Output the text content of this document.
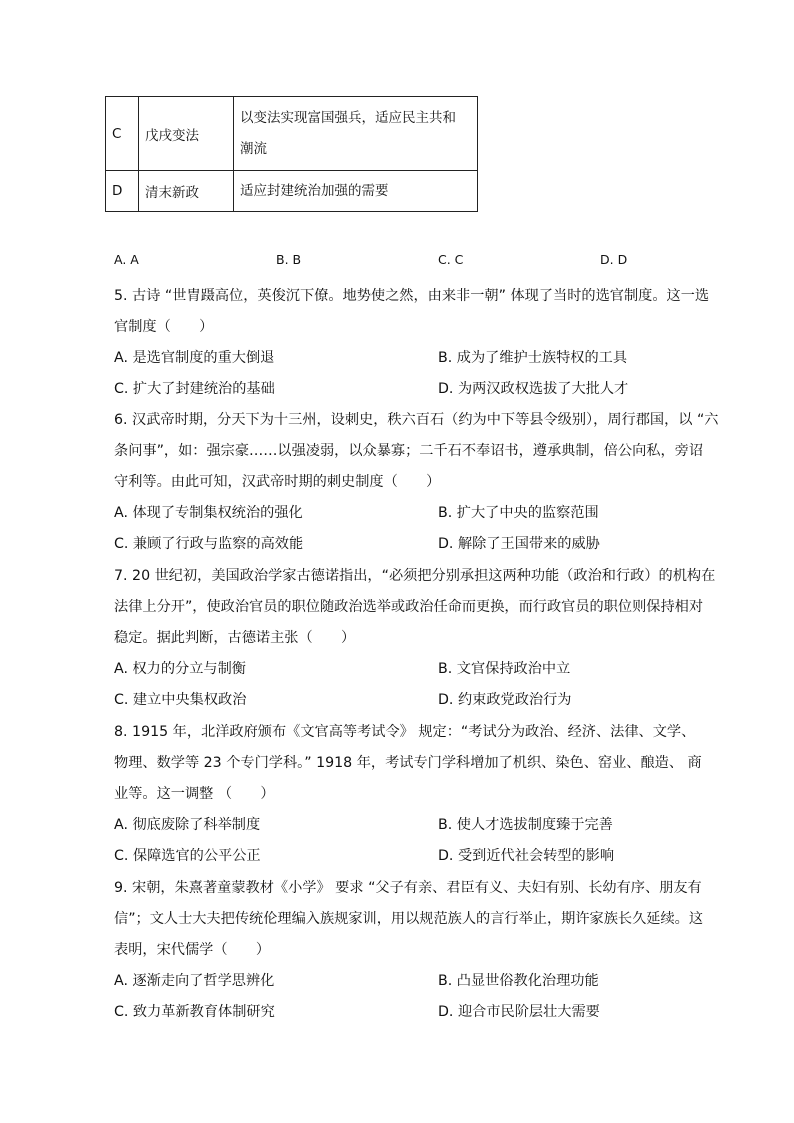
C	戊戌变法	以变法实现富国强兵，适应民主共和
潮流

D	清末新政	适应封建统治加强的需要
A. A	B. B	C. C	D. D
5. 古诗 “世胄蹑高位，英俊沉下僚。地势使之然，由来非一朝” 体现了当时的选官制度。这一选
官制度（　　）
A. 是选官制度的重大倒退	B. 成为了维护士族特权的工具
C. 扩大了封建统治的基础	D. 为两汉政权选拔了大批人才
6. 汉武帝时期，分天下为十三州，设刺史，秩六百石（约为中下等县令级别），周行郡国，以 “六
条问事”，如：强宗豪……以强凌弱，以众暴寡；二千石不奉诏书，遵承典制，倍公向私，旁诏
守利等。由此可知，汉武帝时期的刺史制度（　　）
A. 体现了专制集权统治的强化	B. 扩大了中央的监察范围
C. 兼顾了行政与监察的高效能	D. 解除了王国带来的威胁
7. 20 世纪初，美国政治学家古德诺指出，“必须把分别承担这两种功能（政治和行政）的机构在
法律上分开”，使政治官员的职位随政治选举或政治任命而更换，而行政官员的职位则保持相对
稳定。据此判断，古德诺主张（　　）
A. 权力的分立与制衡	B. 文官保持政治中立
C. 建立中央集权政治	D. 约束政党政治行为
8. 1915 年，北洋政府颁布《文官高等考试令》 规定：“考试分为政治、经济、法律、文学、
物理、数学等 23 个专门学科。” 1918 年，考试专门学科增加了机织、染色、窑业、酿造、 商
业等。这一调整 （　　）
A. 彻底废除了科举制度	B. 使人才选拔制度臻于完善
C. 保障选官的公平公正	D. 受到近代社会转型的影响
9. 宋朝，朱熹著童蒙教材《小学》 要求 “父子有亲、君臣有义、夫妇有别、长幼有序、朋友有
信”；文人士大夫把传统伦理编入族规家训，用以规范族人的言行举止，期许家族长久延续。这
表明，宋代儒学（　　）
A. 逐渐走向了哲学思辨化	B. 凸显世俗教化治理功能
C. 致力革新教育体制研究	D. 迎合市民阶层壮大需要
